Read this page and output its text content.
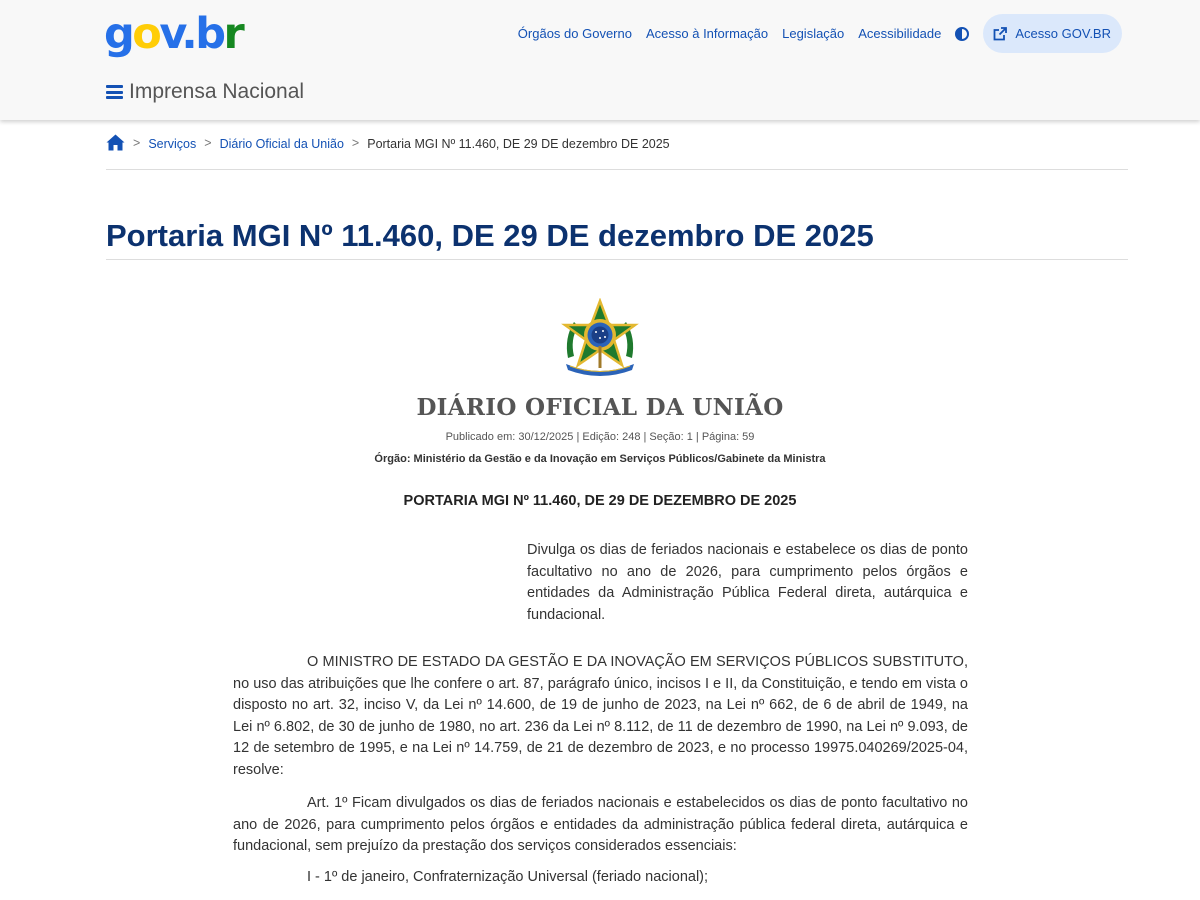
gov.br	Órgãos do Governo Acesso à Informação Legislação Acessibilidade	Acesso GOV.BR
Imprensa Nacional
> Serviços > Diário Oficial da União > Portaria MGI Nº 11.460, DE 29 DE dezembro DE 2025
Portaria MGI Nº 11.460, DE 29 DE dezembro DE 2025
DIÁRIO OFICIAL DA UNIÃO
Publicado em: 30/12/2025 | Edição: 248 | Seção: 1 | Página: 59
Órgão: Ministério da Gestão e da Inovação em Serviços Públicos/Gabinete da Ministra
PORTARIA MGI Nº 11.460, DE 29 DE DEZEMBRO DE 2025

Divulga os dias de feriados nacionais e estabelece os dias de ponto facultativo no ano de 2026, para cumprimento pelos órgãos e entidades da Administração Pública Federal direta, autárquica e fundacional.

O MINISTRO DE ESTADO DA GESTÃO E DA INOVAÇÃO EM SERVIÇOS PÚBLICOS SUBSTITUTO, no uso das atribuições que lhe confere o art. 87, parágrafo único, incisos I e II, da Constituição, e tendo em vista o disposto no art. 32, inciso V, da Lei nº 14.600, de 19 de junho de 2023, na Lei nº 662, de 6 de abril de 1949, na Lei nº 6.802, de 30 de junho de 1980, no art. 236 da Lei nº 8.112, de 11 de dezembro de 1990, na Lei nº 9.093, de 12 de setembro de 1995, e na Lei nº 14.759, de 21 de dezembro de 2023, e no processo 19975.040269/2025-04, resolve:

Art. 1º Ficam divulgados os dias de feriados nacionais e estabelecidos os dias de ponto facultativo no ano de 2026, para cumprimento pelos órgãos e entidades da administração pública federal direta, autárquica e fundacional, sem prejuízo da prestação dos serviços considerados essenciais:

I - 1º de janeiro, Confraternização Universal (feriado nacional);
